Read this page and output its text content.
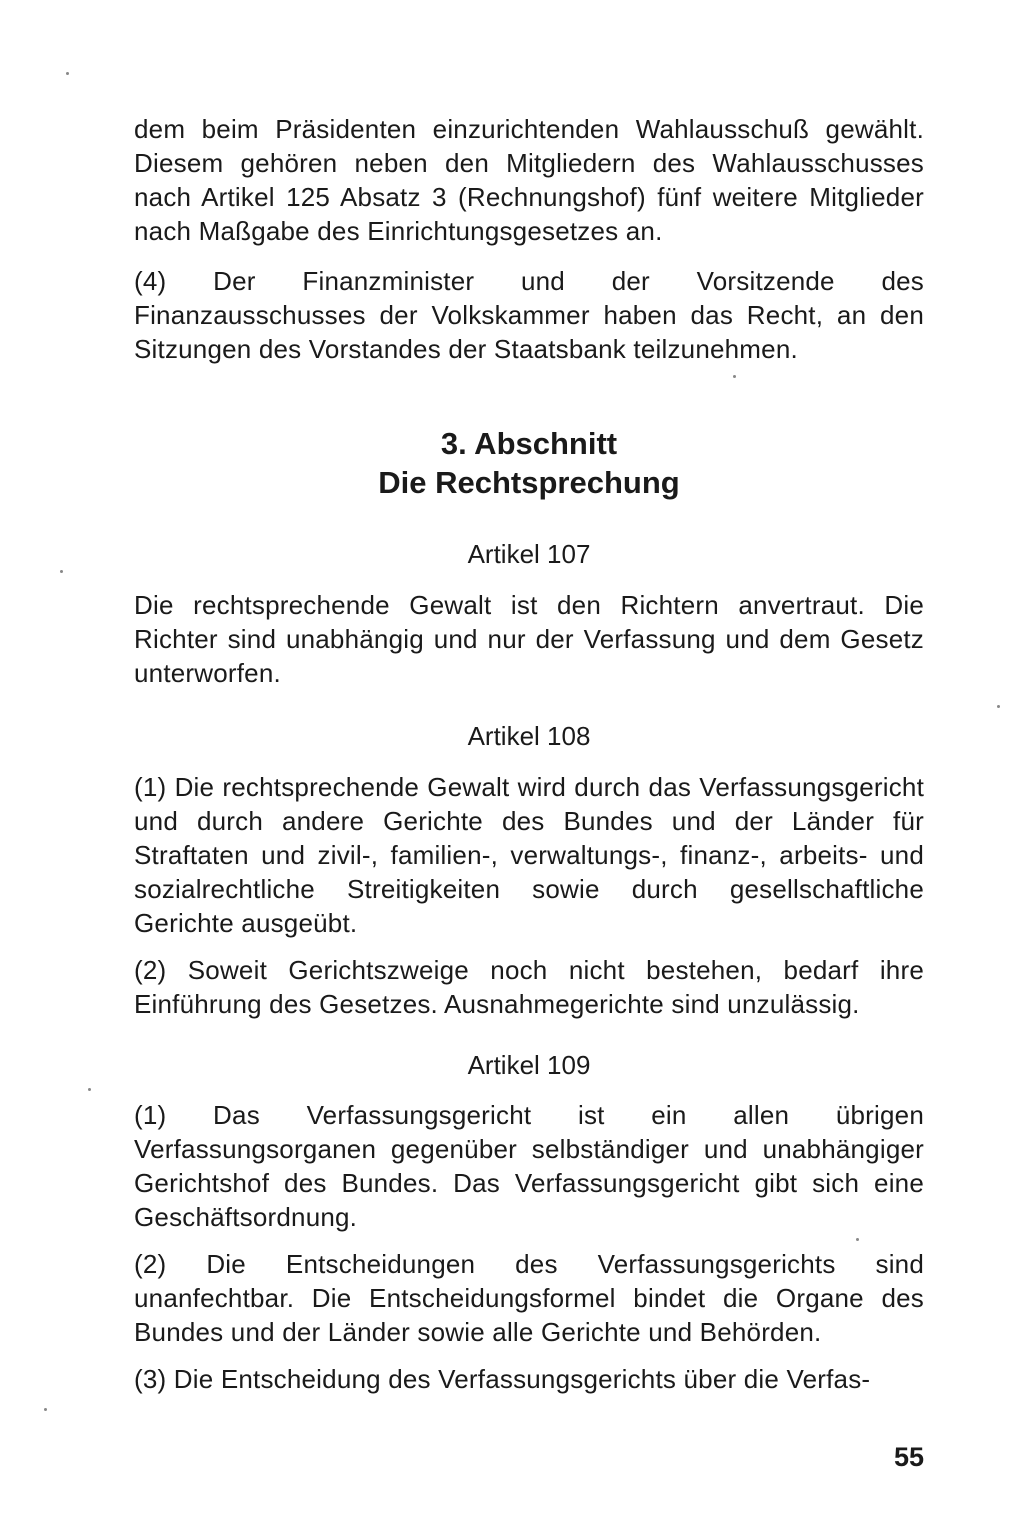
dem beim Präsidenten einzurichtenden Wahlausschuß gewählt. Diesem gehören neben den Mitgliedern des Wahlausschusses nach Artikel 125 Absatz 3 (Rechnungshof) fünf weitere Mitglieder nach Maßgabe des Einrichtungsgesetzes an.

(4) Der Finanzminister und der Vorsitzende des Finanzausschusses der Volkskammer haben das Recht, an den Sitzungen des Vorstandes der Staatsbank teilzunehmen.

3. Abschnitt
Die Rechtsprechung
Artikel 107

Die rechtsprechende Gewalt ist den Richtern anvertraut. Die Richter sind unabhängig und nur der Verfassung und dem Gesetz unterworfen.

Artikel 108

(1) Die rechtsprechende Gewalt wird durch das Verfassungsgericht und durch andere Gerichte des Bundes und der Länder für Straftaten und zivil-, familien-, verwaltungs-, finanz-, arbeits- und sozialrechtliche Streitigkeiten sowie durch gesellschaftliche Gerichte ausgeübt.

(2) Soweit Gerichtszweige noch nicht bestehen, bedarf ihre Einführung des Gesetzes. Ausnahmegerichte sind unzulässig.

Artikel 109

(1) Das Verfassungsgericht ist ein allen übrigen Verfassungsorganen gegenüber selbständiger und unabhängiger Gerichtshof des Bundes. Das Verfassungsgericht gibt sich eine Geschäftsordnung.

(2) Die Entscheidungen des Verfassungsgerichts sind unanfechtbar. Die Entscheidungsformel bindet die Organe des Bundes und der Länder sowie alle Gerichte und Behörden.

(3) Die Entscheidung des Verfassungsgerichts über die Verfas-

55
